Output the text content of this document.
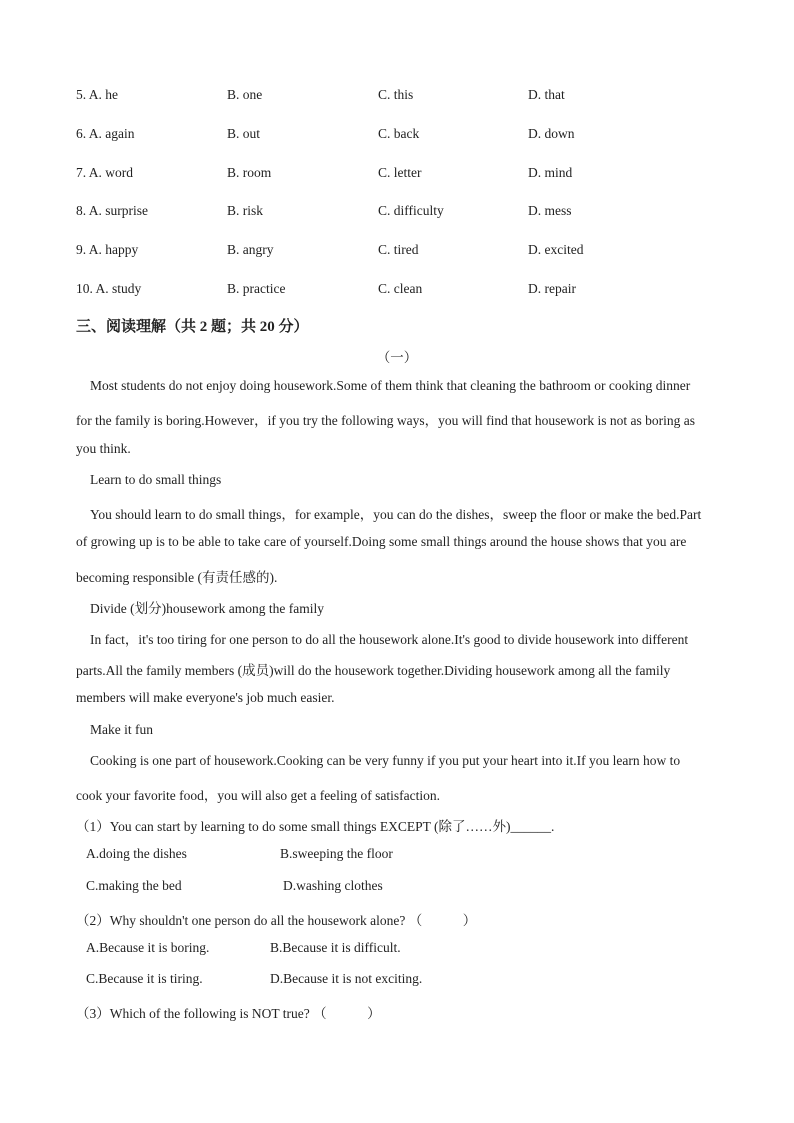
5. A. he	B. one	C. this	D. that
6. A. again	B. out	C. back	D. down
7. A. word	B. room	C. letter	D. mind
8. A. surprise	B. risk	C. difficulty	D. mess
9. A. happy	B. angry	C. tired	D. excited
10. A. study	B. practice	C. clean	D. repair
三、阅读理解（共 2 题；共 20 分）
（一）
Most students do not enjoy doing housework.Some of them think that cleaning the bathroom or cooking dinner
for the family is boring.However，if you try the following ways，you will find that housework is not as boring as
you think.
Learn to do small things
You should learn to do small things，for example，you can do the dishes，sweep the floor or make the bed.Part
of growing up is to be able to take care of yourself.Doing some small things around the house shows that you are
becoming responsible (有责任感的).
Divide (划分)housework among the family
In fact，it's too tiring for one person to do all the housework alone.It's good to divide housework into different
parts.All the family members (成员)will do the housework together.Dividing housework among all the family
members will make everyone's job much easier.
Make it fun
Cooking is one part of housework.Cooking can be very funny if you put your heart into it.If you learn how to
cook your favorite food，you will also get a feeling of satisfaction.
（1）You can start by learning to do some small things EXCEPT (除了……外)______.
A.doing the dishes	B.sweeping the floor
C.making the bed	D.washing clothes
（2）Why shouldn't one person do all the housework alone? （　　　）
A.Because it is boring.	B.Because it is difficult.
C.Because it is tiring.	D.Because it is not exciting.
（3）Which of the following is NOT true? （　　　）
